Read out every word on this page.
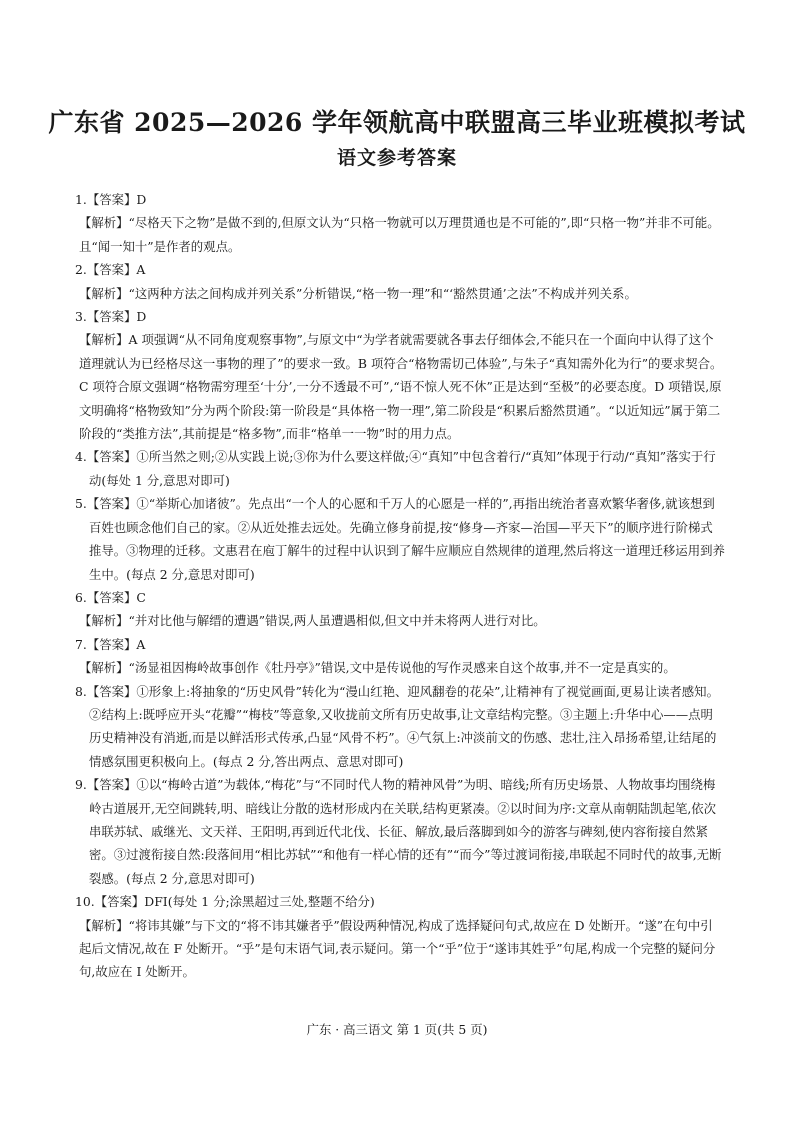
广东省 2025—2026 学年领航高中联盟高三毕业班模拟考试
语文参考答案

1.【答案】D

【解析】“尽格天下之物”是做不到的,但原文认为“只格一物就可以万理贯通也是不可能的”,即“只格一物”并非不可能。且“闻一知十”是作者的观点。

2.【答案】A

【解析】“这两种方法之间构成并列关系”分析错误,“格一物一理”和“‘豁然贯通’之法”不构成并列关系。

3.【答案】D

【解析】A 项强调“从不同角度观察事物”,与原文中“为学者就需要就各事去仔细体会,不能只在一个面向中认得了这个道理就认为已经格尽这一事物的理了”的要求一致。B 项符合“格物需切己体验”,与朱子“真知需外化为行”的要求契合。C 项符合原文强调“格物需穷理至‘十分’,一分不透最不可”,“语不惊人死不休”正是达到“至极”的必要态度。D 项错误,原文明确将“格物致知”分为两个阶段:第一阶段是“具体格一物一理”,第二阶段是“积累后豁然贯通”。“以近知远”属于第二阶段的“类推方法”,其前提是“格多物”,而非“格单一一物”时的用力点。

4.【答案】①所当然之则;②从实践上说;③你为什么要这样做;④“真知”中包含着行/“真知”体现于行动/“真知”落实于行动(每处 1 分,意思对即可)

5.【答案】①“举斯心加诸彼”。先点出“一个人的心愿和千万人的心愿是一样的”,再指出统治者喜欢繁华奢侈,就该想到百姓也顾念他们自己的家。②从近处推去远处。先确立修身前提,按“修身—齐家—治国—平天下”的顺序进行阶梯式推导。③物理的迁移。文惠君在庖丁解牛的过程中认识到了解牛应顺应自然规律的道理,然后将这一道理迁移运用到养生中。(每点 2 分,意思对即可)

6.【答案】C

【解析】“并对比他与解缙的遭遇”错误,两人虽遭遇相似,但文中并未将两人进行对比。

7.【答案】A

【解析】“汤显祖因梅岭故事创作《牡丹亭》”错误,文中是传说他的写作灵感来自这个故事,并不一定是真实的。

8.【答案】①形象上:将抽象的“历史风骨”转化为“漫山红艳、迎风翻卷的花朵”,让精神有了视觉画面,更易让读者感知。②结构上:既呼应开头“花瓣”“梅枝”等意象,又收拢前文所有历史故事,让文章结构完整。③主题上:升华中心——点明历史精神没有消逝,而是以鲜活形式传承,凸显“风骨不朽”。④气氛上:冲淡前文的伤感、悲壮,注入昂扬希望,让结尾的情感氛围更积极向上。(每点 2 分,答出两点、意思对即可)

9.【答案】①以“梅岭古道”为载体,“梅花”与“不同时代人物的精神风骨”为明、暗线;所有历史场景、人物故事均围绕梅岭古道展开,无空间跳转,明、暗线让分散的选材形成内在关联,结构更紧凑。②以时间为序:文章从南朝陆凯起笔,依次串联苏轼、戚继光、文天祥、王阳明,再到近代北伐、长征、解放,最后落脚到如今的游客与碑刻,使内容衔接自然紧密。③过渡衔接自然:段落间用“相比苏轼”“和他有一样心情的还有”“而今”等过渡词衔接,串联起不同时代的故事,无断裂感。(每点 2 分,意思对即可)

10.【答案】DFI(每处 1 分;涂黑超过三处,整题不给分)

【解析】“将讳其嫌”与下文的“将不讳其嫌者乎”假设两种情况,构成了选择疑问句式,故应在 D 处断开。“遂”在句中引起后文情况,故在 F 处断开。“乎”是句末语气词,表示疑问。第一个“乎”位于“遂讳其姓乎”句尾,构成一个完整的疑问分句,故应在 I 处断开。

广东 · 高三语文 第 1 页(共 5 页)
